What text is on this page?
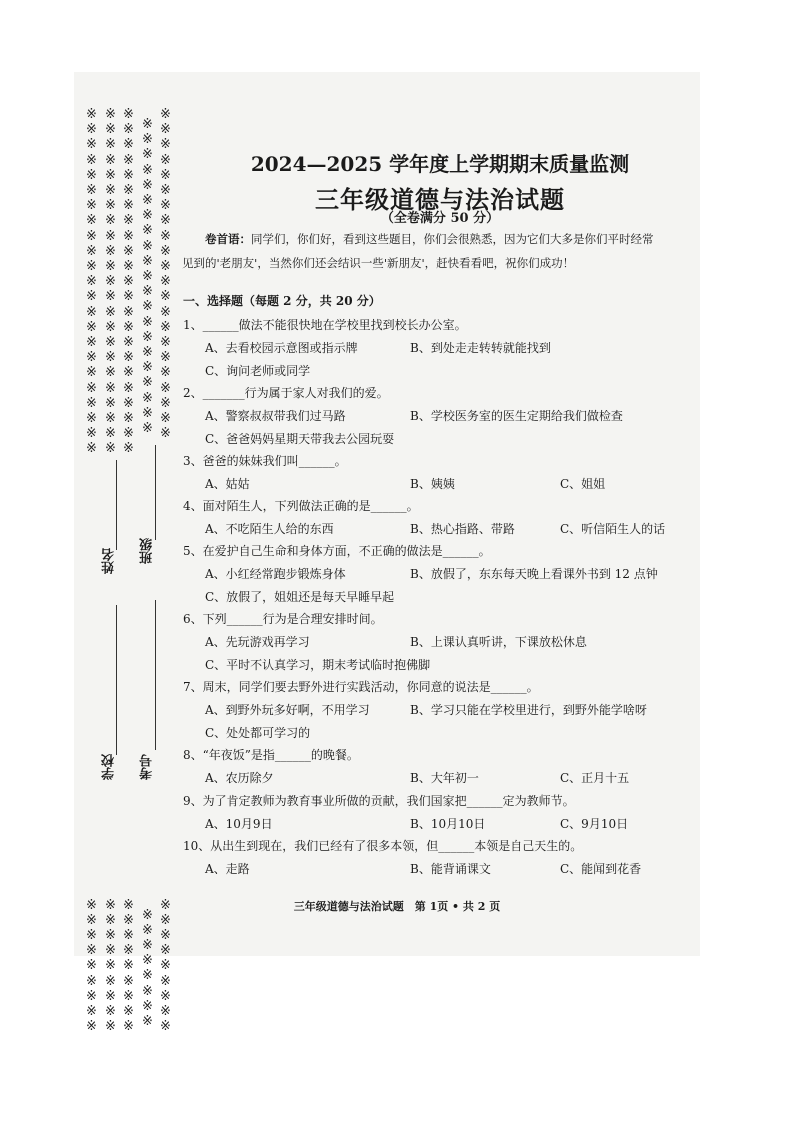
※
※
※
※
※
※
※
※
※
※
※
※
※
※
※
※
※
※
※
※
※
※
※

※
※
※
※
※
※
※
※
※
※
※
※
※
※
※
※
※
※
※
※
※
※
※
※
※
※
※
※
※
※
※
※

※
※
※
※
※
※
※
※
※
※
※
※
※
※
※
※
※
※
※
※
※
※
※
※
※
※
※
※
※
※
※
※

※
※
※
※
※
※
※
※
※
※
※
※
※
※
※
※
※
※
※
※
※
※
※
※
※
※
※
※
※
※

※
※
※
※
※
※
※
※
※
※
※
※
※
※
※
※
※
※
※
※
※
※
※
※
※
※
※
※
※
※

※
※
※
※
※
※
※
※
※
姓名 班级
学校 考号
2024—2025 学年度上学期期末质量监测
三年级道德与法治试题
（全卷满分 50 分）
卷首语：同学们，你们好，看到这些题目，你们会很熟悉，因为它们大多是你们平时经常见到的'老朋友'，当然你们还会结识一些'新朋友'，赶快看看吧，祝你们成功！
一、选择题（每题 2 分，共 20 分）
1、______做法不能很快地在学校里找到校长办公室。
A、去看校园示意图或指示牌	B、到处走走转转就能找到
C、询问老师或同学
2、_______行为属于家人对我们的爱。
A、警察叔叔带我们过马路	B、学校医务室的医生定期给我们做检查
C、爸爸妈妈星期天带我去公园玩耍
3、爸爸的妹妹我们叫______。
A、姑姑	B、姨姨	C、姐姐
4、面对陌生人，下列做法正确的是______。
A、不吃陌生人给的东西	B、热心指路、带路	C、听信陌生人的话
5、在爱护自己生命和身体方面，不正确的做法是______。
A、小红经常跑步锻炼身体	B、放假了，东东每天晚上看课外书到 12 点钟
C、放假了，姐姐还是每天早睡早起
6、下列______行为是合理安排时间。
A、先玩游戏再学习	B、上课认真听讲，下课放松休息
C、平时不认真学习，期末考试临时抱佛脚
7、周末，同学们要去野外进行实践活动，你同意的说法是______。
A、到野外玩多好啊，不用学习	B、学习只能在学校里进行，到野外能学啥呀
C、处处都可学习的
8、“年夜饭”是指______的晚餐。
A、农历除夕	B、大年初一	C、正月十五
9、为了肯定教师为教育事业所做的贡献，我们国家把______定为教师节。
A、10月9日	B、10月10日	C、9月10日
10、从出生到现在，我们已经有了很多本领，但______本领是自己天生的。
A、走路	B、能背诵课文	C、能闻到花香
三年级道德与法治试题　第 1页 • 共 2 页
